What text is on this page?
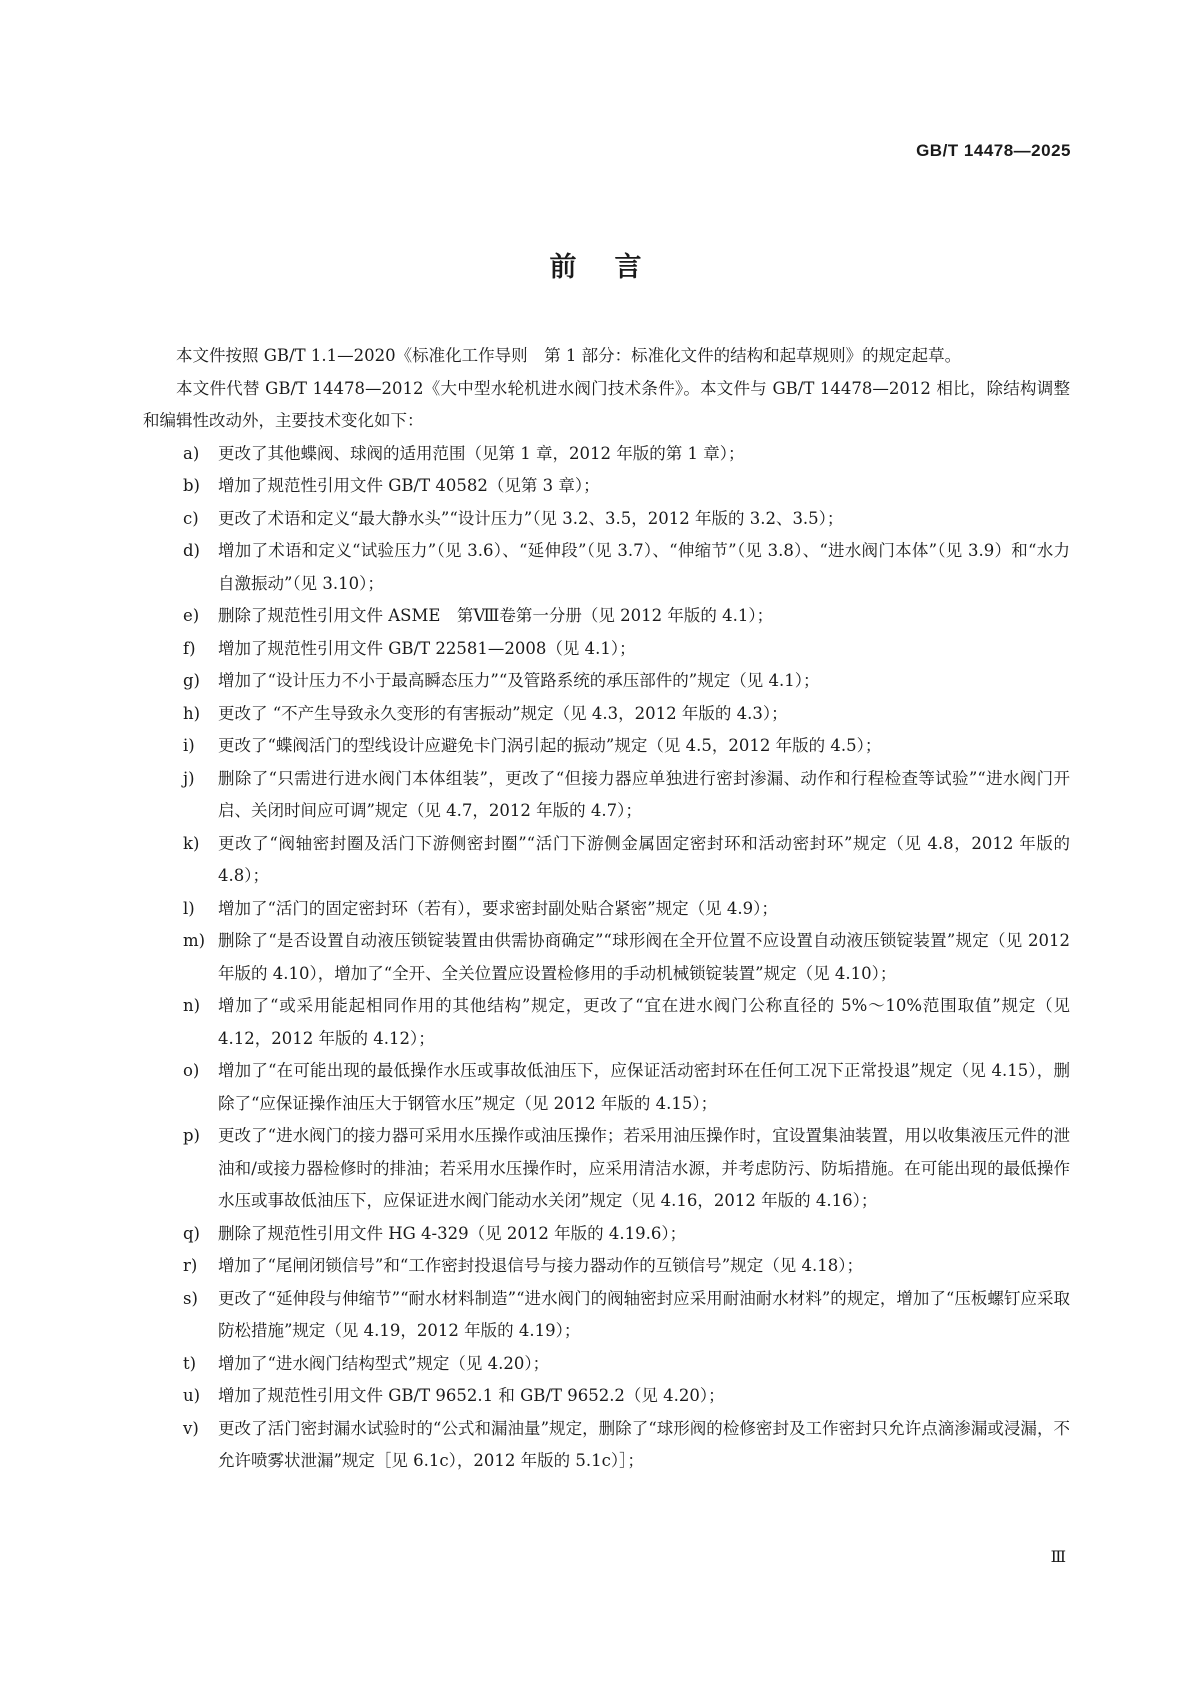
GB/T 14478—2025
前言

本文件按照 GB/T 1.1—2020《标准化工作导则　第 1 部分：标准化文件的结构和起草规则》的规定起草。

本文件代替 GB/T 14478—2012《大中型水轮机进水阀门技术条件》。本文件与 GB/T 14478—2012 相比，除结构调整和编辑性改动外，主要技术变化如下：

a) 更改了其他蝶阀、球阀的适用范围（见第 1 章，2012 年版的第 1 章）；

b) 增加了规范性引用文件 GB/T 40582（见第 3 章）；

c) 更改了术语和定义“最大静水头”“设计压力”（见 3.2、3.5，2012 年版的 3.2、3.5）；

d) 增加了术语和定义“试验压力”（见 3.6）、“延伸段”（见 3.7）、“伸缩节”（见 3.8）、“进水阀门本体”（见 3.9）和“水力自激振动”（见 3.10）；

e) 删除了规范性引用文件 ASME　第Ⅷ卷第一分册（见 2012 年版的 4.1）；

f) 增加了规范性引用文件 GB/T 22581—2008（见 4.1）；

g) 增加了“设计压力不小于最高瞬态压力”“及管路系统的承压部件的”规定（见 4.1）；

h) 更改了 “不产生导致永久变形的有害振动”规定（见 4.3，2012 年版的 4.3）；

i) 更改了“蝶阀活门的型线设计应避免卡门涡引起的振动”规定（见 4.5，2012 年版的 4.5）；

j) 删除了“只需进行进水阀门本体组装”，更改了“但接力器应单独进行密封渗漏、动作和行程检查等试验”“进水阀门开启、关闭时间应可调”规定（见 4.7，2012 年版的 4.7）；

k) 更改了“阀轴密封圈及活门下游侧密封圈”“活门下游侧金属固定密封环和活动密封环”规定（见 4.8，2012 年版的 4.8）；

l) 增加了“活门的固定密封环（若有），要求密封副处贴合紧密”规定（见 4.9）；

m) 删除了“是否设置自动液压锁锭装置由供需协商确定”“球形阀在全开位置不应设置自动液压锁锭装置”规定（见 2012 年版的 4.10），增加了“全开、全关位置应设置检修用的手动机械锁锭装置”规定（见 4.10）；

n) 增加了“或采用能起相同作用的其他结构”规定，更改了“宜在进水阀门公称直径的 5%～10%范围取值”规定（见 4.12，2012 年版的 4.12）；

o) 增加了“在可能出现的最低操作水压或事故低油压下，应保证活动密封环在任何工况下正常投退”规定（见 4.15），删除了“应保证操作油压大于钢管水压”规定（见 2012 年版的 4.15）；

p) 更改了“进水阀门的接力器可采用水压操作或油压操作；若采用油压操作时，宜设置集油装置，用以收集液压元件的泄油和/或接力器检修时的排油；若采用水压操作时，应采用清洁水源，并考虑防污、防垢措施。在可能出现的最低操作水压或事故低油压下，应保证进水阀门能动水关闭”规定（见 4.16，2012 年版的 4.16）；

q) 删除了规范性引用文件 HG 4-329（见 2012 年版的 4.19.6）；

r) 增加了“尾闸闭锁信号”和“工作密封投退信号与接力器动作的互锁信号”规定（见 4.18）；

s) 更改了“延伸段与伸缩节”“耐水材料制造”“进水阀门的阀轴密封应采用耐油耐水材料”的规定，增加了“压板螺钉应采取防松措施”规定（见 4.19，2012 年版的 4.19）；

t) 增加了“进水阀门结构型式”规定（见 4.20）；

u) 增加了规范性引用文件 GB/T 9652.1 和 GB/T 9652.2（见 4.20）；

v) 更改了活门密封漏水试验时的“公式和漏油量”规定，删除了“球形阀的检修密封及工作密封只允许点滴渗漏或浸漏，不允许喷雾状泄漏”规定［见 6.1c），2012 年版的 5.1c）］；

Ⅲ
